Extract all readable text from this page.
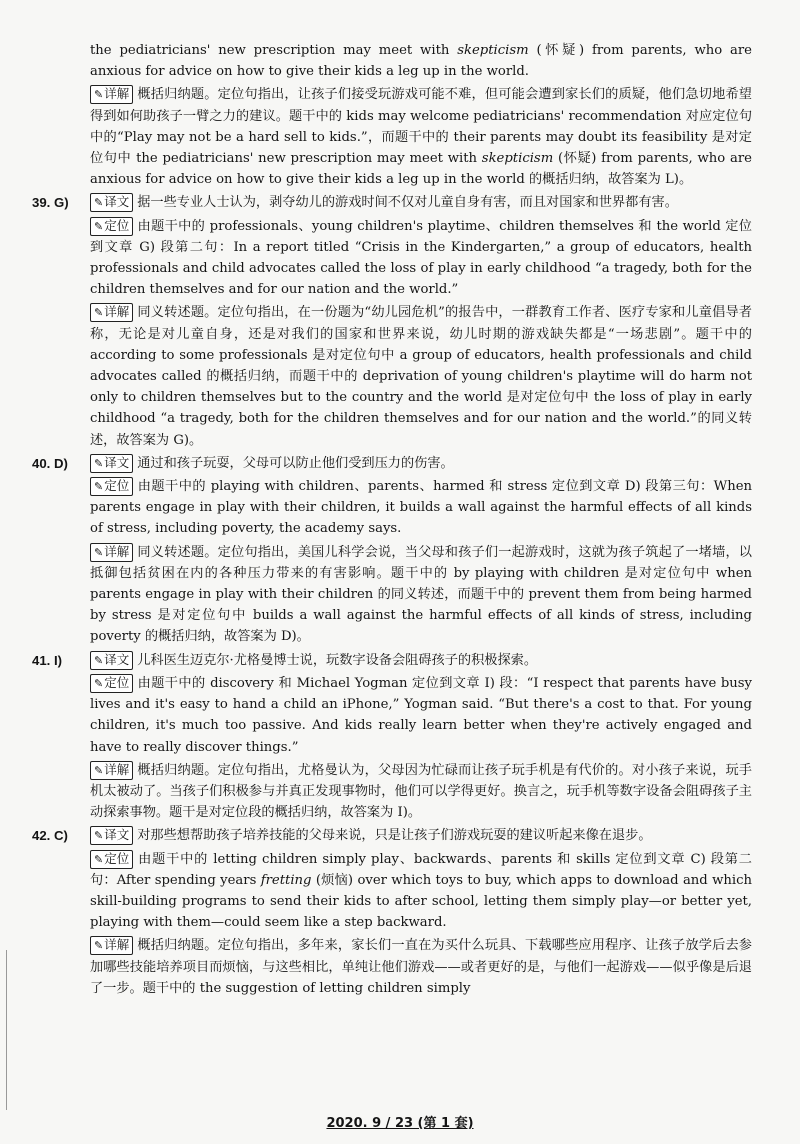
the pediatricians' new prescription may meet with skepticism (怀疑) from parents, who are anxious for advice on how to give their kids a leg up in the world.

✎详解 概括归纳题。定位句指出，让孩子们接受玩游戏可能不难，但可能会遭到家长们的质疑，他们急切地希望得到如何助孩子一臂之力的建议。题干中的 kids may welcome pediatricians' recommendation 对应定位句中的“Play may not be a hard sell to kids.”，而题干中的 their parents may doubt its feasibility 是对定位句中 the pediatricians' new prescription may meet with skepticism (怀疑) from parents, who are anxious for advice on how to give their kids a leg up in the world 的概括归纳，故答案为 L)。

39. G)	✎译文 据一些专业人士认为，剥夺幼儿的游戏时间不仅对儿童自身有害，而且对国家和世界都有害。

✎定位 由题干中的 professionals、young children's playtime、children themselves 和 the world 定位到文章 G) 段第二句：In a report titled “Crisis in the Kindergarten,” a group of educators, health professionals and child advocates called the loss of play in early childhood “a tragedy, both for the children themselves and for our nation and the world.”

✎详解 同义转述题。定位句指出，在一份题为“幼儿园危机”的报告中，一群教育工作者、医疗专家和儿童倡导者称，无论是对儿童自身，还是对我们的国家和世界来说，幼儿时期的游戏缺失都是“一场悲剧”。题干中的 according to some professionals 是对定位句中 a group of educators, health professionals and child advocates called 的概括归纳，而题干中的 deprivation of young children's playtime will do harm not only to children themselves but to the country and the world 是对定位句中 the loss of play in early childhood “a tragedy, both for the children themselves and for our nation and the world.”的同义转述，故答案为 G)。

40. D)	✎译文 通过和孩子玩耍，父母可以防止他们受到压力的伤害。

✎定位 由题干中的 playing with children、parents、harmed 和 stress 定位到文章 D) 段第三句：When parents engage in play with their children, it builds a wall against the harmful effects of all kinds of stress, including poverty, the academy says.

✎详解 同义转述题。定位句指出，美国儿科学会说，当父母和孩子们一起游戏时，这就为孩子筑起了一堵墙，以抵御包括贫困在内的各种压力带来的有害影响。题干中的 by playing with children 是对定位句中 when parents engage in play with their children 的同义转述，而题干中的 prevent them from being harmed by stress 是对定位句中 builds a wall against the harmful effects of all kinds of stress, including poverty 的概括归纳，故答案为 D)。

41. I)	✎译文 儿科医生迈克尔·尤格曼博士说，玩数字设备会阻碍孩子的积极探索。

✎定位 由题干中的 discovery 和 Michael Yogman 定位到文章 I) 段：“I respect that parents have busy lives and it's easy to hand a child an iPhone,” Yogman said. “But there's a cost to that. For young children, it's much too passive. And kids really learn better when they're actively engaged and have to really discover things.”

✎详解 概括归纳题。定位句指出，尤格曼认为，父母因为忙碌而让孩子玩手机是有代价的。对小孩子来说，玩手机太被动了。当孩子们积极参与并真正发现事物时，他们可以学得更好。换言之，玩手机等数字设备会阻碍孩子主动探索事物。题干是对定位段的概括归纳，故答案为 I)。

42. C)	✎译文 对那些想帮助孩子培养技能的父母来说，只是让孩子们游戏玩耍的建议听起来像在退步。

✎定位 由题干中的 letting children simply play、backwards、parents 和 skills 定位到文章 C) 段第二句：After spending years fretting (烦恼) over which toys to buy, which apps to download and which skill-building programs to send their kids to after school, letting them simply play—or better yet, playing with them—could seem like a step backward.

✎详解 概括归纳题。定位句指出，多年来，家长们一直在为买什么玩具、下载哪些应用程序、让孩子放学后去参加哪些技能培养项目而烦恼，与这些相比，单纯让他们游戏——或者更好的是，与他们一起游戏——似乎像是后退了一步。题干中的 the suggestion of letting children simply

2020. 9 / 23 (第 1 套)
